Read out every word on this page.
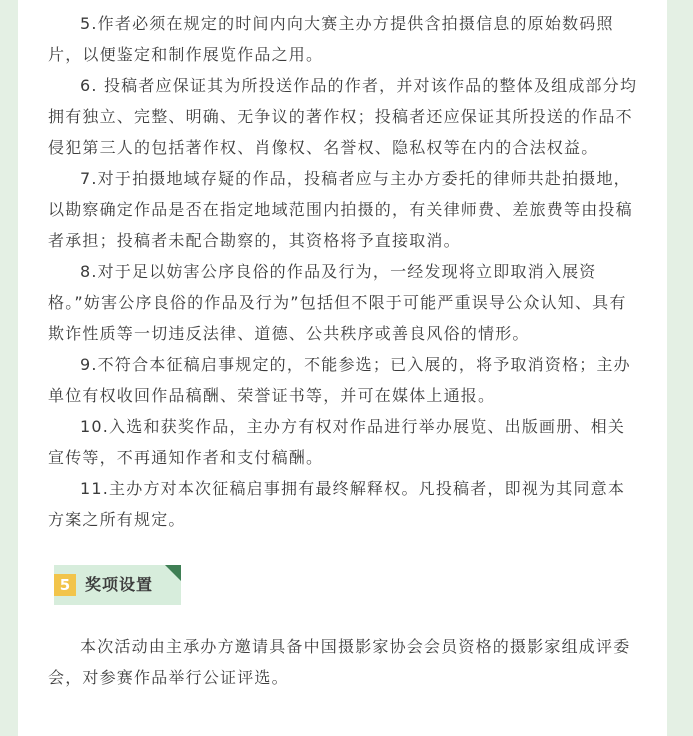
5.作者必须在规定的时间内向大赛主办方提供含拍摄信息的原始数码照片，以便鉴定和制作展览作品之用。

6. 投稿者应保证其为所投送作品的作者，并对该作品的整体及组成部分均拥有独立、完整、明确、无争议的著作权；投稿者还应保证其所投送的作品不侵犯第三人的包括著作权、肖像权、名誉权、隐私权等在内的合法权益。

7.对于拍摄地域存疑的作品，投稿者应与主办方委托的律师共赴拍摄地，以勘察确定作品是否在指定地域范围内拍摄的，有关律师费、差旅费等由投稿者承担；投稿者未配合勘察的，其资格将予直接取消。

8.对于足以妨害公序良俗的作品及行为，一经发现将立即取消入展资格。”妨害公序良俗的作品及行为”包括但不限于可能严重误导公众认知、具有欺诈性质等一切违反法律、道德、公共秩序或善良风俗的情形。

9.不符合本征稿启事规定的，不能参选；已入展的，将予取消资格；主办单位有权收回作品稿酬、荣誉证书等，并可在媒体上通报。

10.入选和获奖作品，主办方有权对作品进行举办展览、出版画册、相关宣传等，不再通知作者和支付稿酬。

11.主办方对本次征稿启事拥有最终解释权。凡投稿者，即视为其同意本方案之所有规定。

5 奖项设置

本次活动由主承办方邀请具备中国摄影家协会会员资格的摄影家组成评委会，对参赛作品举行公证评选。
